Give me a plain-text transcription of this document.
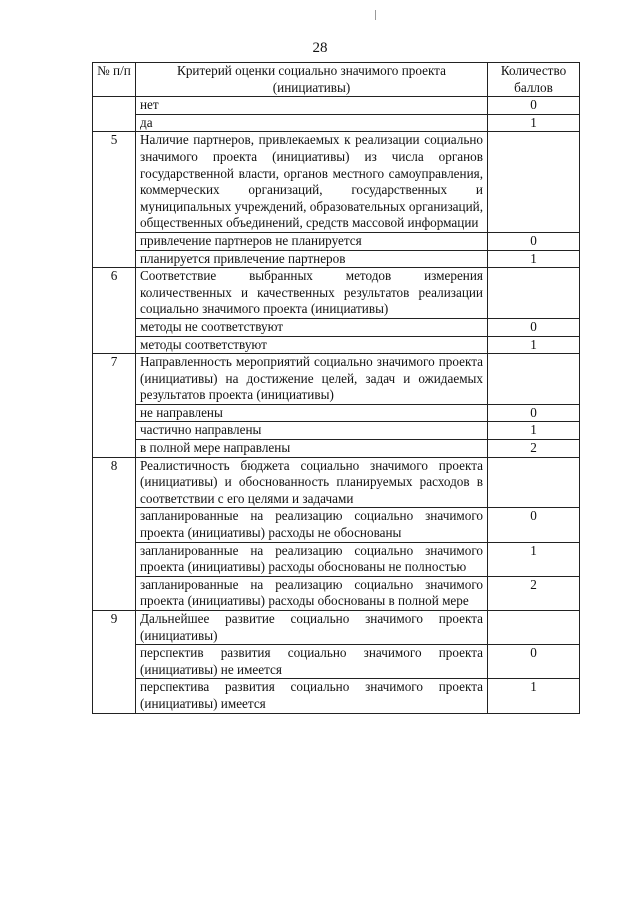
28
№ п/п	Критерий оценки социально значимого проекта (инициативы)	Количество баллов
	нет	0
	да	1
5	Наличие партнеров, привлекаемых к реализации социально значимого проекта (инициативы) из числа органов государственной власти, органов местного самоуправления, коммерческих организаций, государственных и муниципальных учреждений, образовательных организаций, общественных объединений, средств массовой информации	
	привлечение партнеров не планируется	0
	планируется привлечение партнеров	1
6	Соответствие выбранных методов измерения количественных и качественных результатов реализации социально значимого проекта (инициативы)	
	методы не соответствуют	0
	методы соответствуют	1
7	Направленность мероприятий социально значимого проекта (инициативы) на достижение целей, задач и ожидаемых результатов проекта (инициативы)	
	не направлены	0
	частично направлены	1
	в полной мере направлены	2
8	Реалистичность бюджета социально значимого проекта (инициативы) и обоснованность планируемых расходов в соответствии с его целями и задачами	
	запланированные на реализацию социально значимого проекта (инициативы) расходы не обоснованы	0
	запланированные на реализацию социально значимого проекта (инициативы) расходы обоснованы не полностью	1
	запланированные на реализацию социально значимого проекта (инициативы) расходы обоснованы в полной мере	2
9	Дальнейшее развитие социально значимого проекта (инициативы)	
	перспектив развития социально значимого проекта (инициативы) не имеется	0
	перспектива развития социально значимого проекта (инициативы) имеется	1
